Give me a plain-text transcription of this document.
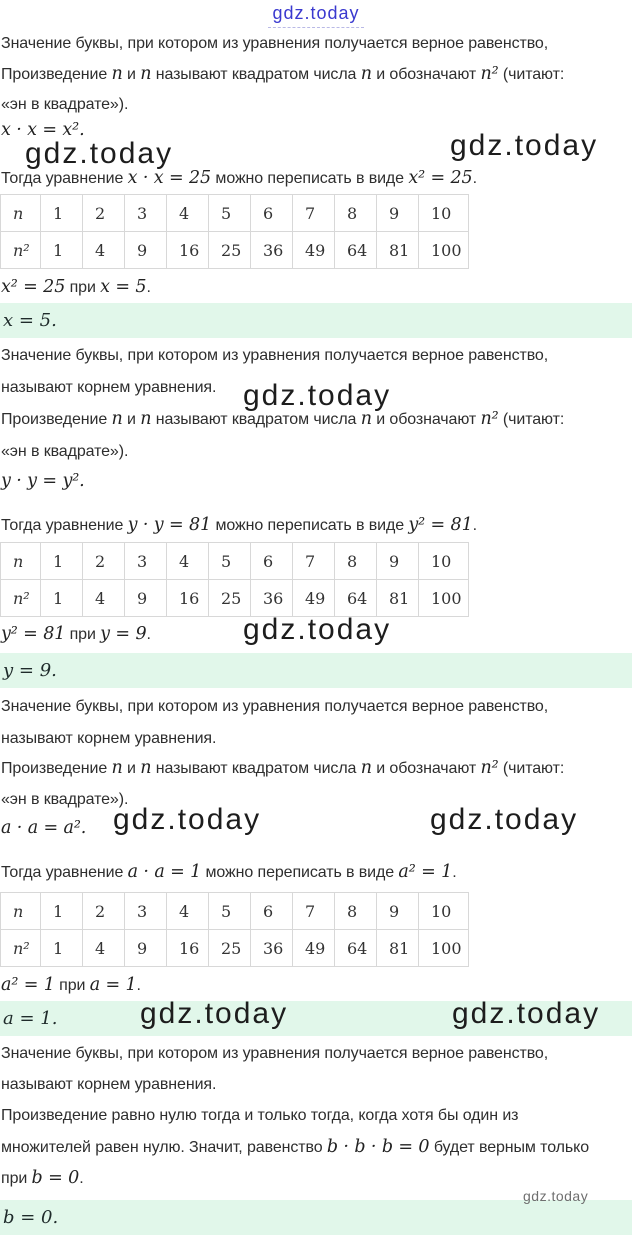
gdz.today
Значение буквы, при котором из уравнения получается верное равенство,
Произведение n и n называют квадратом числа n и обозначают n² (читают:
«эн в квадрате»).
x · x = x².
Тогда уравнение x · x = 25 можно переписать в виде x² = 25.
n	1	2	3	4	5	6	7	8	9	10
n²	1	4	9	16	25	36	49	64	81	100
x² = 25 при x = 5.
x = 5.
Значение буквы, при котором из уравнения получается верное равенство,
называют корнем уравнения.
Произведение n и n называют квадратом числа n и обозначают n² (читают:
«эн в квадрате»).
y · y = y².
Тогда уравнение y · y = 81 можно переписать в виде y² = 81.
n	1	2	3	4	5	6	7	8	9	10
n²	1	4	9	16	25	36	49	64	81	100
y² = 81 при y = 9.
y = 9.
Значение буквы, при котором из уравнения получается верное равенство,
называют корнем уравнения.
Произведение n и n называют квадратом числа n и обозначают n² (читают:
«эн в квадрате»).
a · a = a².
Тогда уравнение a · a = 1 можно переписать в виде a² = 1.
n	1	2	3	4	5	6	7	8	9	10
n²	1	4	9	16	25	36	49	64	81	100
a² = 1 при a = 1.
a = 1.
Значение буквы, при котором из уравнения получается верное равенство,
называют корнем уравнения.
Произведение равно нулю тогда и только тогда, когда хотя бы один из
множителей равен нулю. Значит, равенство b · b · b = 0 будет верным только
при b = 0.
b = 0.
gdz.today	gdz.today
gdz.today
gdz.today
gdz.today	gdz.today
gdz.today	gdz.today
gdz.today
